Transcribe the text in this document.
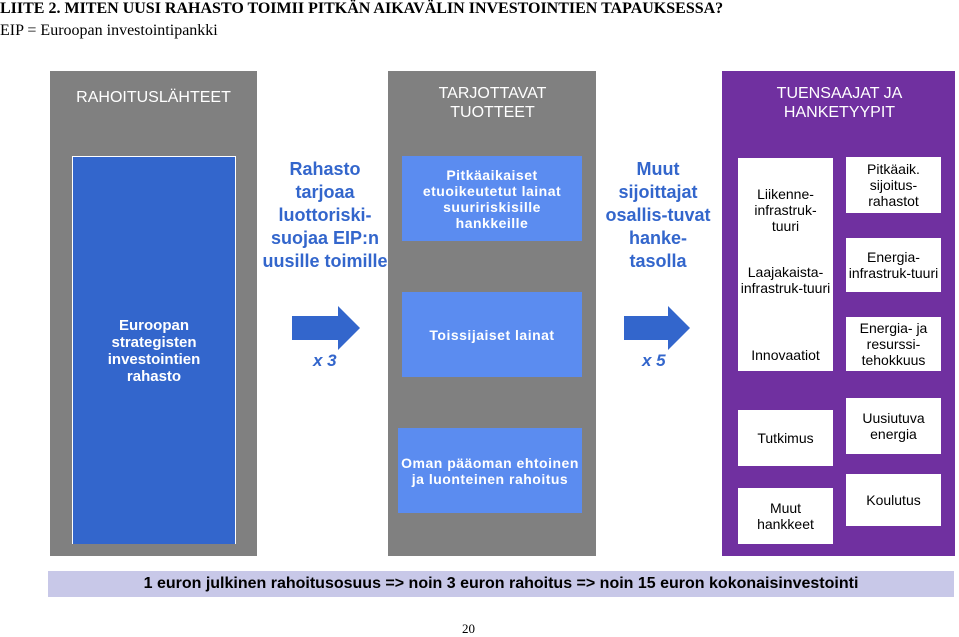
LIITE 2. MITEN UUSI RAHASTO TOIMII PITKÄN AIKAVÄLIN INVESTOINTIEN TAPAUKSESSA?
EIP = Euroopan investointipankki
RAHOITUSLÄHTEET	TARJOTTAVAT TUOTTEET
TUENSAAJAT JA HANKETYYPIT
Euroopan strategisten investointien rahasto
Rahasto tarjoaa luottoriski-suojaa EIP:n uusille toimille
x 3
Pitkäaikaiset etuoikeutetut lainat suuririskisille hankkeille
Toissijaiset lainat
Oman pääoman ehtoinen ja luonteinen rahoitus
Muut sijoittajat osallis-tuvat hanke-tasolla
x 5
Liikenne-infrastruk-tuuri
Laajakaista-infrastruk-tuuri
Innovaatiot
Tutkimus
Muut hankkeet
Pitkäaik. sijoitus-rahastot
Energia-infrastruk-tuuri
Energia- ja resurssi-tehokkuus
Uusiutuva energia
Koulutus
1 euron julkinen rahoitusosuus => noin 3 euron rahoitus => noin 15 euron kokonaisinvestointi
20
